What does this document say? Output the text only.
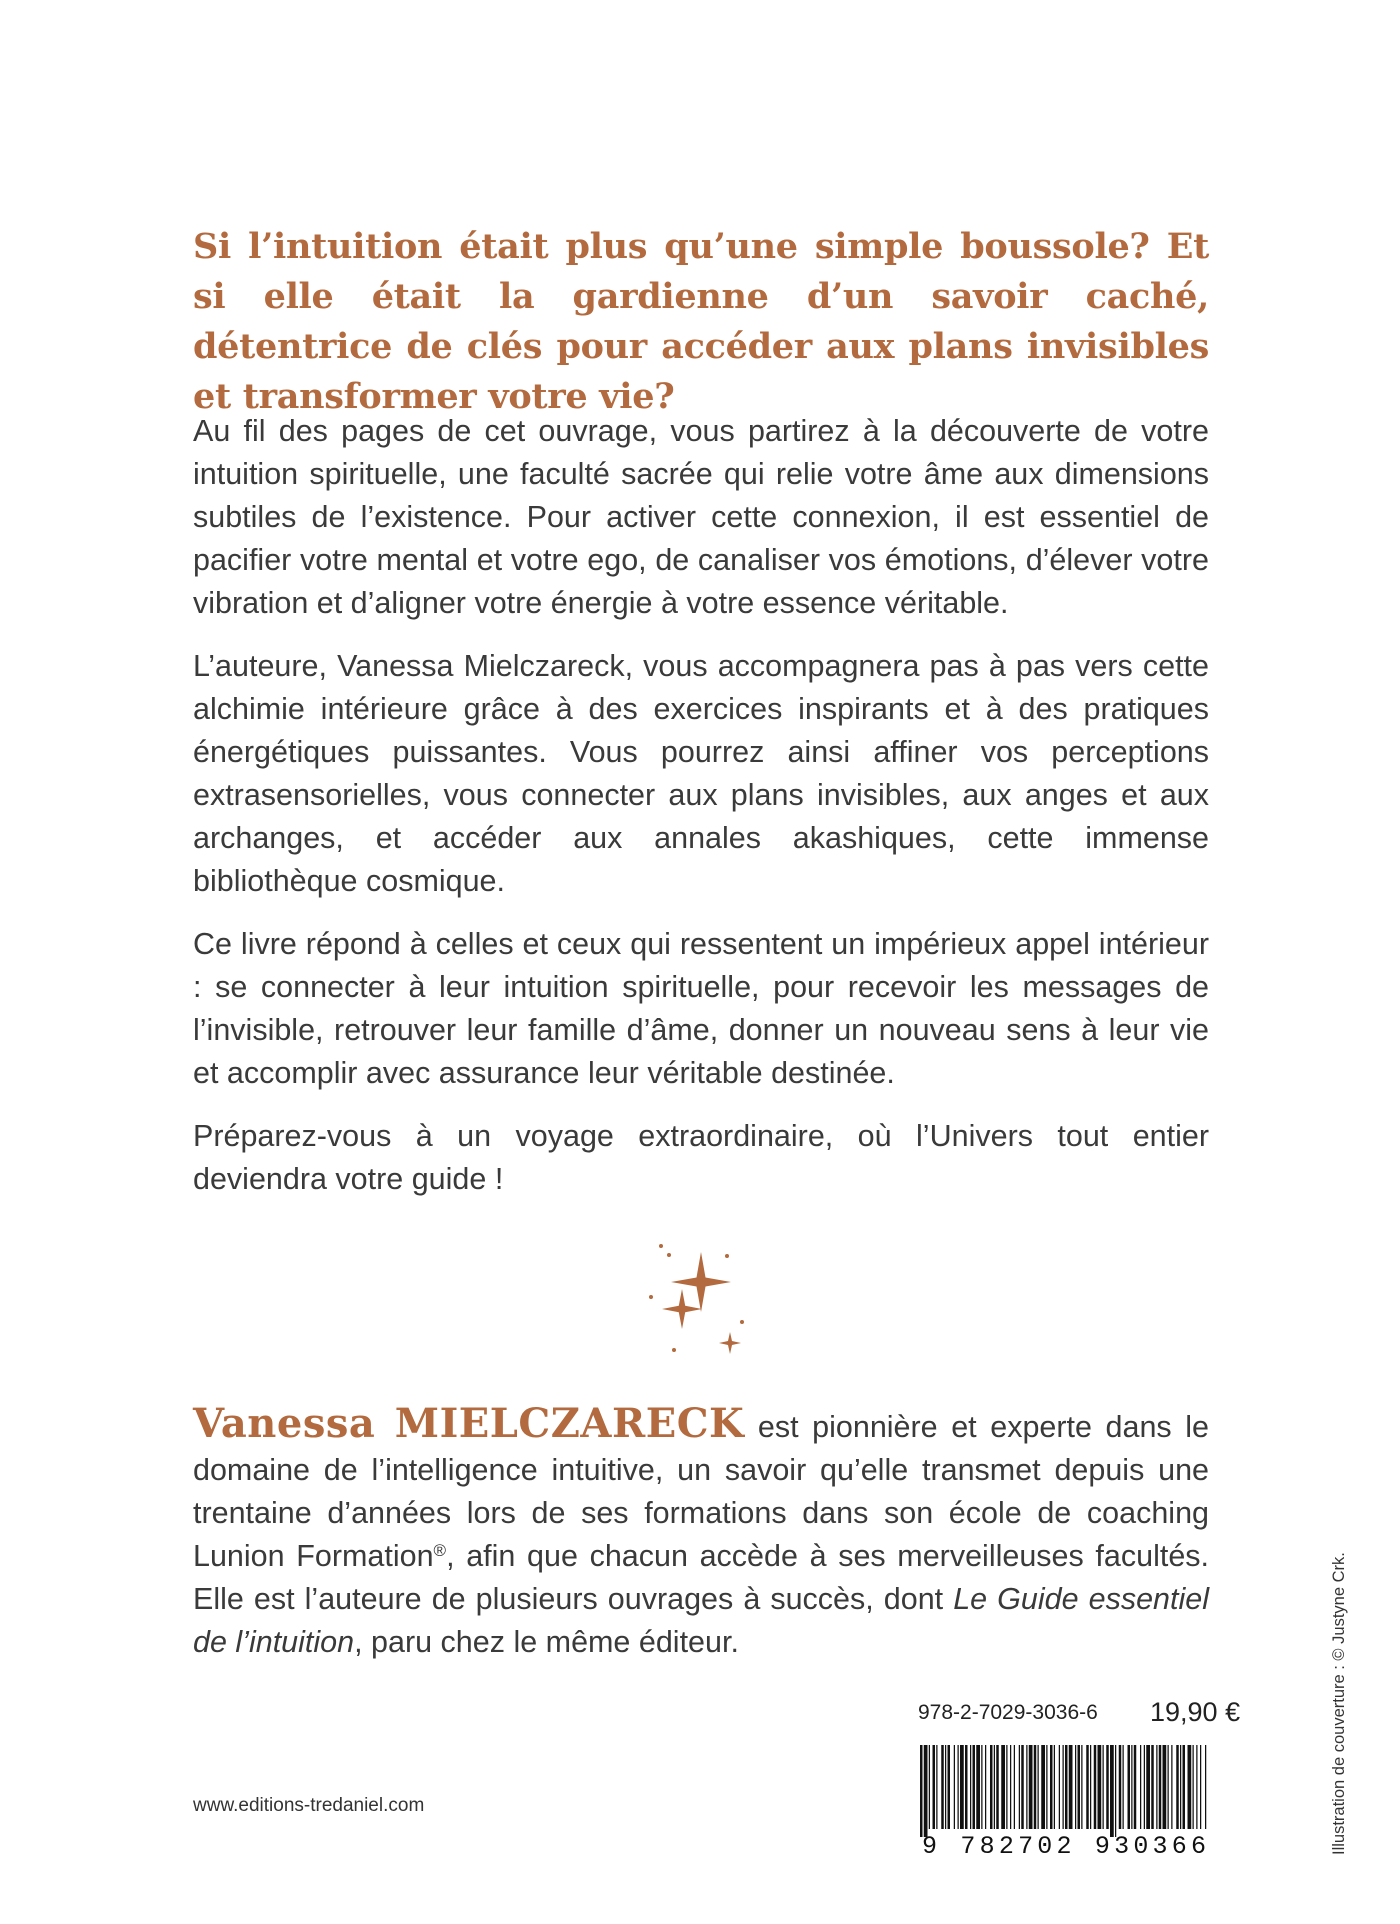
Si l’intuition était plus qu’une simple boussole? Et si elle était la gardienne d’un savoir caché, détentrice de clés pour accéder aux plans invisibles et transformer votre vie?

Au fil des pages de cet ouvrage, vous partirez à la découverte de votre intuition spirituelle, une faculté sacrée qui relie votre âme aux dimensions subtiles de l’existence. Pour activer cette connexion, il est essentiel de pacifier votre mental et votre ego, de canaliser vos émotions, d’élever votre vibration et d’aligner votre énergie à votre essence véritable.

L’auteure, Vanessa Mielczareck, vous accompagnera pas à pas vers cette alchimie intérieure grâce à des exercices inspirants et à des pratiques énergétiques puissantes. Vous pourrez ainsi affiner vos perceptions extrasensorielles, vous connecter aux plans invisibles, aux anges et aux archanges, et accéder aux annales akashiques, cette immense bibliothèque cosmique.

Ce livre répond à celles et ceux qui ressentent un impérieux appel intérieur : se connecter à leur intuition spirituelle, pour recevoir les messages de l’invisible, retrouver leur famille d’âme, donner un nouveau sens à leur vie et accomplir avec assurance leur véritable destinée.

Préparez-vous à un voyage extraordinaire, où l’Univers tout entier deviendra votre guide !

Vanessa MIELCZARECK est pionnière et experte dans le domaine de l’intelligence intuitive, un savoir qu’elle transmet depuis une trentaine d’années lors de ses formations dans son école de coaching Lunion Formation®, afin que chacun accède à ses merveilleuses facultés. Elle est l’auteure de plusieurs ouvrages à succès, dont Le Guide essentiel de l’intuition, paru chez le même éditeur.

978-2-7029-3036-6 19,90 €
9 782702 930366
www.editions-tredaniel.com	Illustration de couverture : © Justyne Crk.
